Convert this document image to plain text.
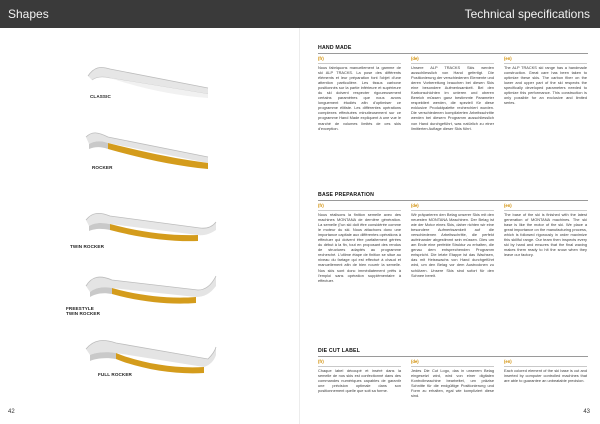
Shapes	Technical specifications
CLASSIC
ROCKER
TWIN ROCKER
FREESTYLE
TWIN ROCKER
FULL ROCKER
42
HAND MADE
(fr)
Nous fabriquons manuellement la gamme de ski ALP TRACKS. La pose des différents éléments et leur préparation font l'objet d'une attention particulière. Les tissus carbone positionnés sur la partie inférieure et supérieure du ski doivent respecter rigoureusement certains paramètres que nous avons longuement étudiés afin d'optimiser ce programme élitiste. Les différentes opérations complexes effectuées minutieusement sur ce programme Hand Made expliquent à une vue le marché de volumes limités de ces skis d'exception.
(de)
Unsere ALP TRACKS Skis werden ausschliesslich von Hand gefertigt. Die Positionierung der verschiedenen Elemente und deren Vorbereitung brauchen bei diesen Skis eine besondere Aufmerksamkeit. Bei den Karbonschichten im unteren und oberen Bereich müssen ganz bestimmte Parameter respektiert werden, die speziell für diese exklusive Produktpalette recherchiert wurden. Die verschiedenen komplizierten Arbeitsschritte werden bei diesem Programm ausschliesslich von Hand durchgeführt, was natürlich zu einer limitierten Auflage dieser Skis führt.
(en)
The ALP TRACKS ski range has a handmade construction. Great care has been taken to optimize these skis. The carbon fiber on the lower and upper part of the ski respects the specifically developed parameters needed to optimize this performance. This construction is only possible for an exclusive and limited series.
BASE PREPARATION
(fr)
Nous réalisons la finition semelle avec des machines MONTANA de dernière génération. La semelle (l'un ski doit être considérée comme le moteur du ski. Nous attachons donc une importance capitale aux différentes opérations à effectuer qui doivent être parfaitement gérées du début à la fin, tout en proposant des rendus de structures adaptés au programme recherché. L'ultime étape de finition se situe au niveau du fartage qui est effectué à chaud et manuellement afin de bien nourrir la semelle. Nos skis sont donc immédiatement prêts à l'emploi sans opération supplémentaire à effectuer.
(de)
Wir präparieren den Belag unserer Skis mit den neuesten MONTANA Maschinen. Der Belag ist wie der Motor eines Skis, daher richten wir eine besondere Aufmerksamkeit auf die verschiedenen Arbeitsschritte, die perfekt aufeinander abgestimmt sein müssen. Dies um am Ende eine perfekte Struktur zu erhalten, die genau dem entsprechenden Programm entspricht. Die letzte Etappe ist das Wachsen, das mit Heisswachs von Hand durchgeführt wird, um den Belag vor dem Austrocknen zu schützen. Unsere Skis sind sofort für den Schnee bereit.
(en)
The base of the ski is finished with the latest generation of MONTANA machines. The ski base is like the motor of the ski. We place a great importance on the manufacturing process, which is followed rigorously in order maximize this skillful range. Our team then inspects every ski by hand and ensures that the final waxing makes them ready to hit the snow when they leave our factory.
DIE CUT LABEL
(fr)
Chaque label découpé et inséré dans la semelle de nos skis est confectionné dans des commandes numériques capables de garantir une précision optimale dans son positionnement quelle que soit sa forme.
(de)
Jedes Die Cut Logo, das in unserem Belag eingesetzt wird, wird von einer digitalen Kontrollmaschine bearbeitet, um präzise Schnitte für die endgültige Positionierung und Form zu erhalten, egal wie kompliziert diese sind.
(en)
Each colored element of the ski base is cut and inserted by computer controlled machines that are able to guarantee an unbeatable precision.
43
